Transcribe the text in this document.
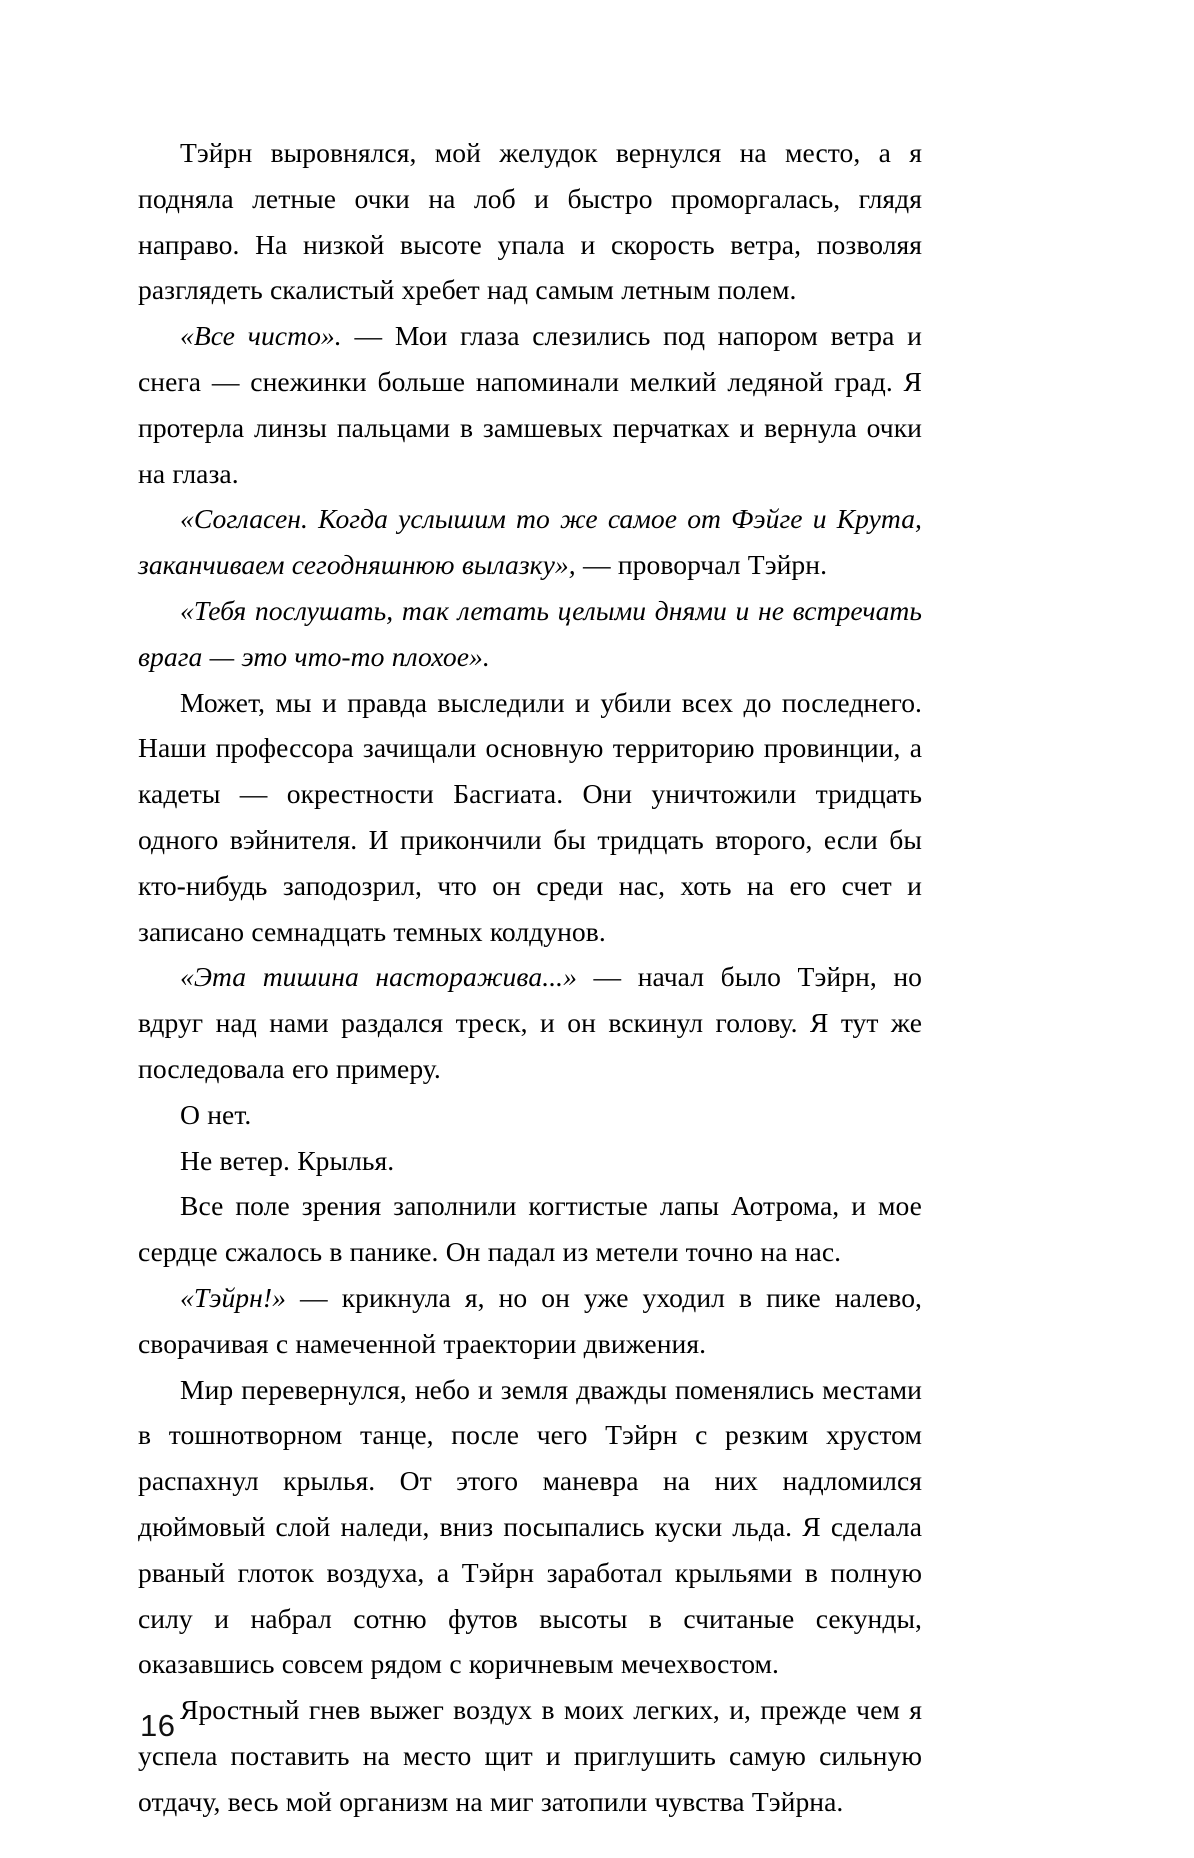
Тэйрн выровнялся, мой желудок вернулся на место, а я подняла летные очки на лоб и быстро проморгалась, глядя направо. На низкой высоте упала и скорость ветра, позволяя разглядеть скалистый хребет над самым летным полем.

«Все чисто». — Мои глаза слезились под напором ветра и снега — снежинки больше напоминали мелкий ледяной град. Я протерла линзы пальцами в замшевых перчатках и вернула очки на глаза.

«Согласен. Когда услышим то же самое от Фэйге и Крута, заканчиваем сегодняшнюю вылазку», — проворчал Тэйрн.

«Тебя послушать, так летать целыми днями и не встречать врага — это что-то плохое».

Может, мы и правда выследили и убили всех до последнего. Наши профессора зачищали основную территорию провинции, а кадеты — окрестности Басгиата. Они уничтожили тридцать одного вэйнителя. И прикончили бы тридцать второго, если бы кто-нибудь заподозрил, что он среди нас, хоть на его счет и записано семнадцать темных колдунов.

«Эта тишина настораживa...» — начал было Тэйрн, но вдруг над нами раздался треск, и он вскинул голову. Я тут же последовала его примеру.

О нет.

Не ветер. Крылья.

Все поле зрения заполнили когтистые лапы Аотрома, и мое сердце сжалось в панике. Он падал из метели точно на нас.

«Тэйрн!» — крикнула я, но он уже уходил в пике налево, сворачивая с намеченной траектории движения.

Мир перевернулся, небо и земля дважды поменялись местами в тошнотворном танце, после чего Тэйрн с резким хрустом распахнул крылья. От этого маневра на них надломился дюймовый слой наледи, вниз посыпались куски льда. Я сделала рваный глоток воздуха, а Тэйрн заработал крыльями в полную силу и набрал сотню футов высоты в считаные секунды, оказавшись совсем рядом с коричневым мечехвостом.

Яростный гнев выжег воздух в моих легких, и, прежде чем я успела поставить на место щит и приглушить самую сильную отдачу, весь мой организм на миг затопили чувства Тэйрна.

16
